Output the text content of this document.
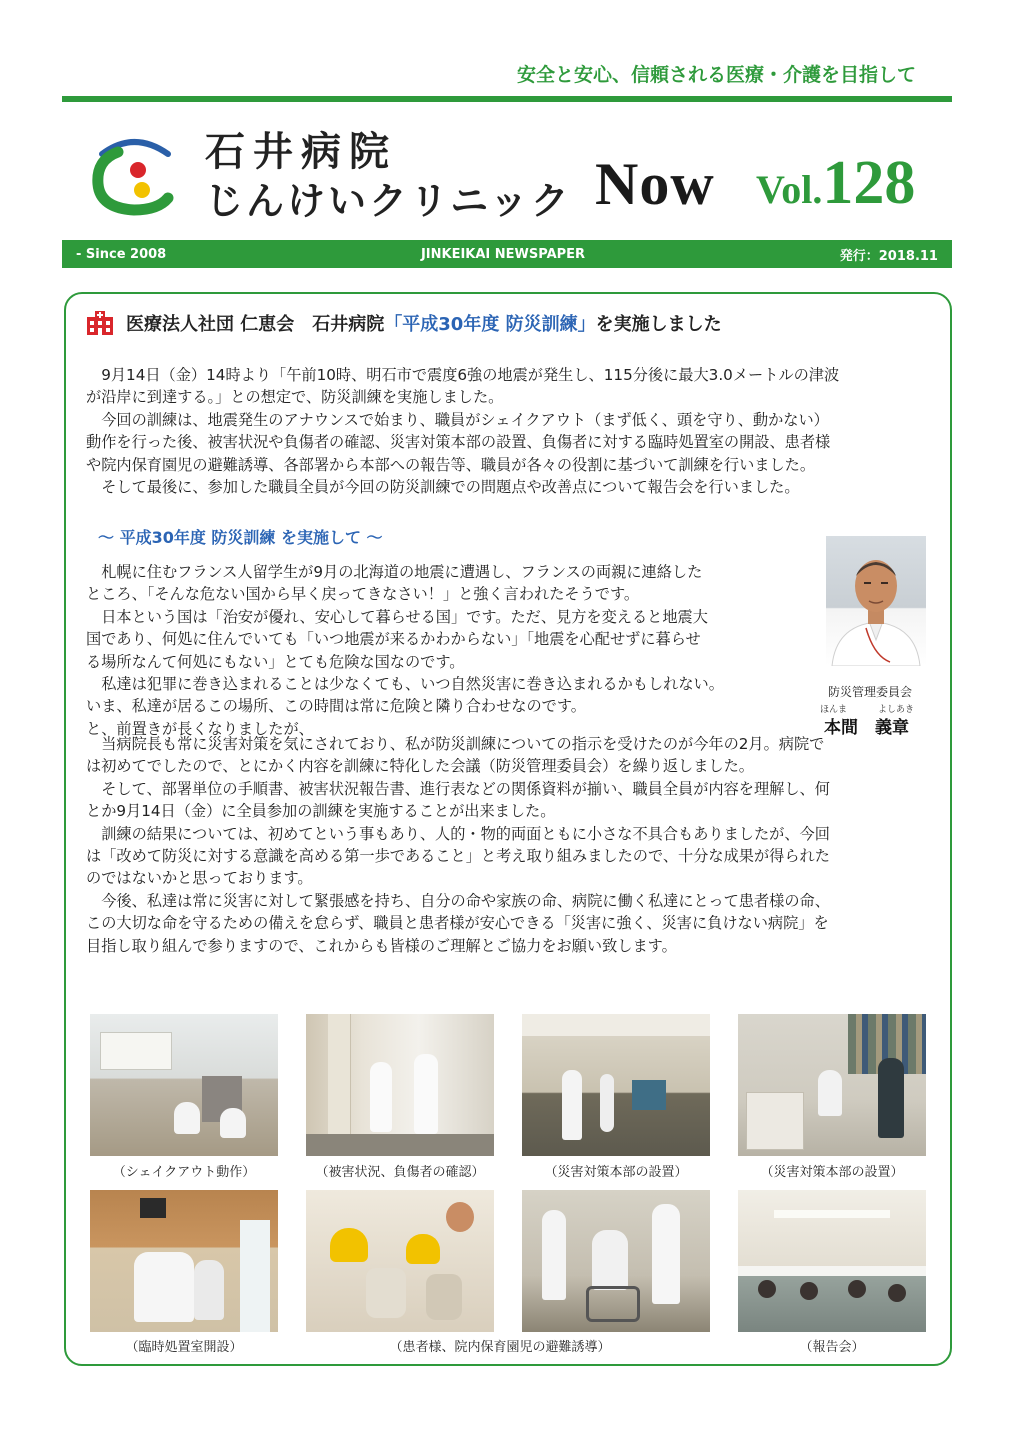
安全と安心、信頼される医療・介護を目指して
石井病院
じんけいクリニック Now Vol.128
- Since 2008	JINKEIKAI NEWSPAPER	発行：2018.11
医療法人社団 仁恵会　石井病院「平成30年度 防災訓練」を実施しました
9月14日（金）14時より「午前10時、明石市で震度6強の地震が発生し、115分後に最大3.0メートルの津波
が沿岸に到達する。」との想定で、防災訓練を実施しました。
今回の訓練は、地震発生のアナウンスで始まり、職員がシェイクアウト（まず低く、頭を守り、動かない）
動作を行った後、被害状況や負傷者の確認、災害対策本部の設置、負傷者に対する臨時処置室の開設、患者様
や院内保育園児の避難誘導、各部署から本部への報告等、職員が各々の役割に基づいて訓練を行いました。
そして最後に、参加した職員全員が今回の防災訓練での問題点や改善点について報告会を行いました。
～ 平成30年度 防災訓練 を実施して ～
札幌に住むフランス人留学生が9月の北海道の地震に遭遇し、フランスの両親に連絡した
ところ、「そんな危ない国から早く戻ってきなさい！」と強く言われたそうです。
日本という国は「治安が優れ、安心して暮らせる国」です。ただ、見方を変えると地震大
国であり、何処に住んでいても「いつ地震が来るかわからない」「地震を心配せずに暮らせ
る場所なんて何処にもない」とても危険な国なのです。
私達は犯罪に巻き込まれることは少なくても、いつ自然災害に巻き込まれるかもしれない。
いま、私達が居るこの場所、この時間は常に危険と隣り合わせなのです。
と、前置きが長くなりましたが、
防災管理委員会
ほんま	よしあき
本間　義章
当病院長も常に災害対策を気にされており、私が防災訓練についての指示を受けたのが今年の2月。病院で
は初めてでしたので、とにかく内容を訓練に特化した会議（防災管理委員会）を繰り返しました。
そして、部署単位の手順書、被害状況報告書、進行表などの関係資料が揃い、職員全員が内容を理解し、何
とか9月14日（金）に全員参加の訓練を実施することが出来ました。
訓練の結果については、初めてという事もあり、人的・物的両面ともに小さな不具合もありましたが、今回
は「改めて防災に対する意識を高める第一歩であること」と考え取り組みましたので、十分な成果が得られた
のではないかと思っております。
今後、私達は常に災害に対して緊張感を持ち、自分の命や家族の命、病院に働く私達にとって患者様の命、
この大切な命を守るための備えを怠らず、職員と患者様が安心できる「災害に強く、災害に負けない病院」を
目指し取り組んで参りますので、これからも皆様のご理解とご協力をお願い致します。
（シェイクアウト動作）	（被害状況、負傷者の確認）	（災害対策本部の設置）	（災害対策本部の設置）
（臨時処置室開設）	（患者様、院内保育園児の避難誘導）	（報告会）
